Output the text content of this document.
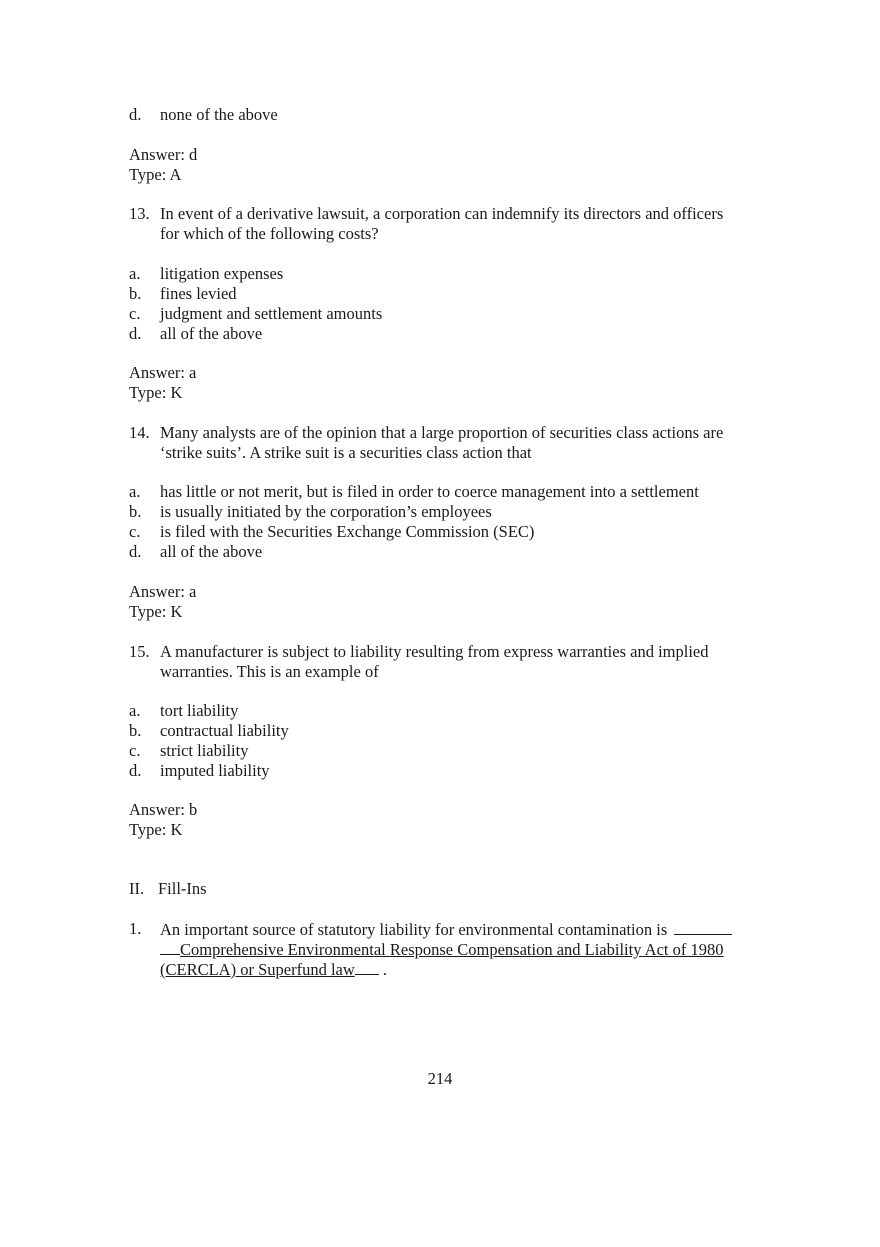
d. none of the above
Answer: d
Type: A
13. In event of a derivative lawsuit, a corporation can indemnify its directors and officers
for which of the following costs?
a. litigation expenses
b. fines levied
c. judgment and settlement amounts
d. all of the above
Answer: a
Type: K
14. Many analysts are of the opinion that a large proportion of securities class actions are
‘strike suits’. A strike suit is a securities class action that
a. has little or not merit, but is filed in order to coerce management into a settlement
b. is usually initiated by the corporation’s employees
c. is filed with the Securities Exchange Commission (SEC)
d. all of the above
Answer: a
Type: K
15. A manufacturer is subject to liability resulting from express warranties and implied
warranties. This is an example of
a. tort liability
b. contractual liability
c. strict liability
d. imputed liability
Answer: b
Type: K
II. Fill-Ins
1. An important source of statutory liability for environmental contamination is
Comprehensive Environmental Response Compensation and Liability Act of 1980
(CERCLA) or Superfund law .
214
